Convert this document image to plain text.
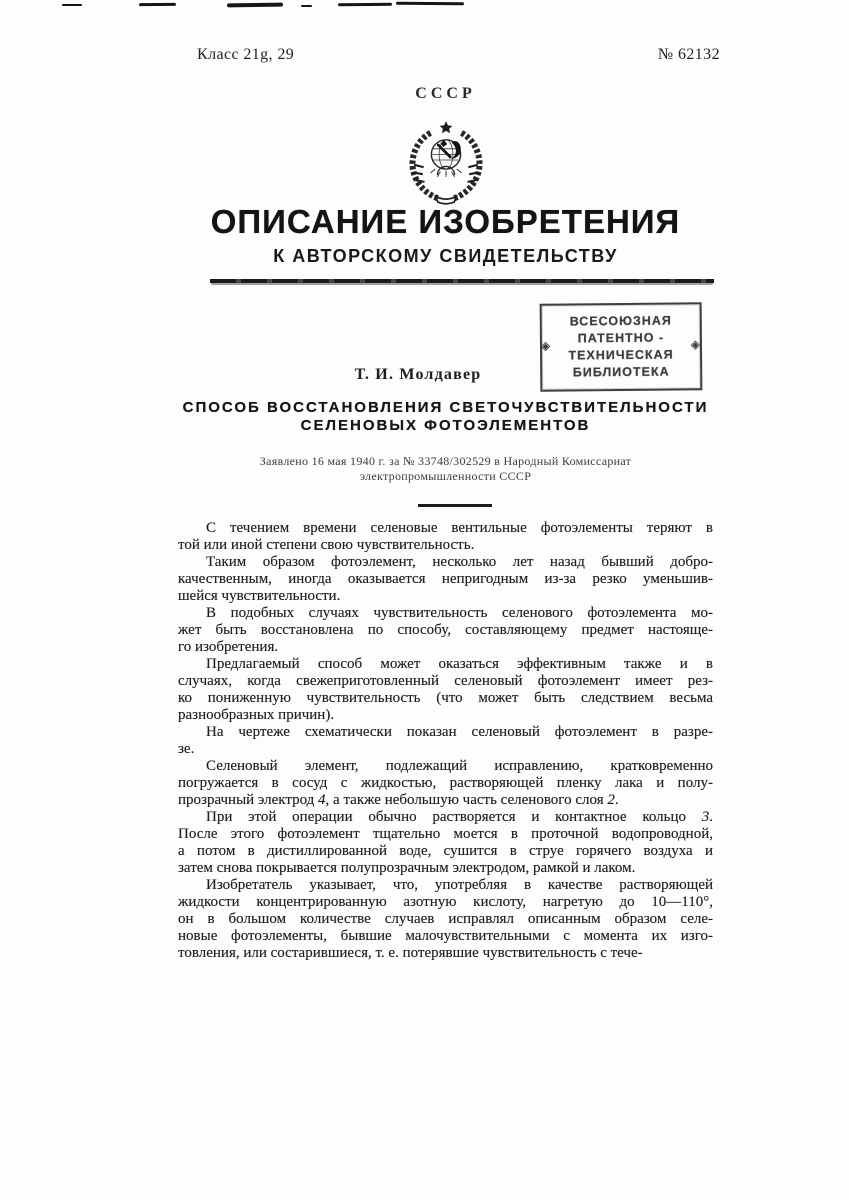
Класс 21g, 29	№ 62132
СССР
ОПИСАНИЕ ИЗОБРЕТЕНИЯ
К АВТОРСКОМУ СВИДЕТЕЛЬСТВУ
◈	◈
ВСЕСОЮЗНАЯ
ПАТЕНТНО -
ТЕХНИЧЕСКАЯ
БИБЛИОТЕКА
Т. И. Молдавер
СПОСОБ ВОССТАНОВЛЕНИЯ СВЕТОЧУВСТВИТЕЛЬНОСТИ
СЕЛЕНОВЫХ ФОТОЭЛЕМЕНТОВ
Заявлено 16 мая 1940 г. за № 33748/302529 в Народный Комиссариат
электропромышленности СССР

С течением времени селеновые вентильные фотоэлементы теряют в
той или иной степени свою чувствительность.

Таким образом фотоэлемент, несколько лет назад бывший добро-
качественным, иногда оказывается непригодным из-за резко уменьшив-
шейся чувствительности.

В подобных случаях чувствительность селенового фотоэлемента мо-
жет быть восстановлена по способу, составляющему предмет настояще-
го изобретения.

Предлагаемый способ может оказаться эффективным также и в
случаях, когда свежеприготовленный селеновый фотоэлемент имеет рез-
ко пониженную чувствительность (что может быть следствием весьма
разнообразных причин).

На чертеже схематически показан селеновый фотоэлемент в разре-
зе.

Селеновый элемент, подлежащий исправлению, кратковременно
погружается в сосуд с жидкостью, растворяющей пленку лака и полу-
прозрачный электрод 4, а также небольшую часть селенового слоя 2.

При этой операции обычно растворяется и контактное кольцо 3.
После этого фотоэлемент тщательно моется в проточной водопроводной,
а потом в дистиллированной воде, сушится в струе горячего воздуха и
затем снова покрывается полупрозрачным электродом, рамкой и лаком.

Изобретатель указывает, что, употребляя в качестве растворяющей
жидкости концентрированную азотную кислоту, нагретую до 10—110°,
он в большом количестве случаев исправлял описанным образом селе-
новые фотоэлементы, бывшие малочувствительными с момента их изго-
товления, или состарившиеся, т. е. потерявшие чувствительность с тече-
